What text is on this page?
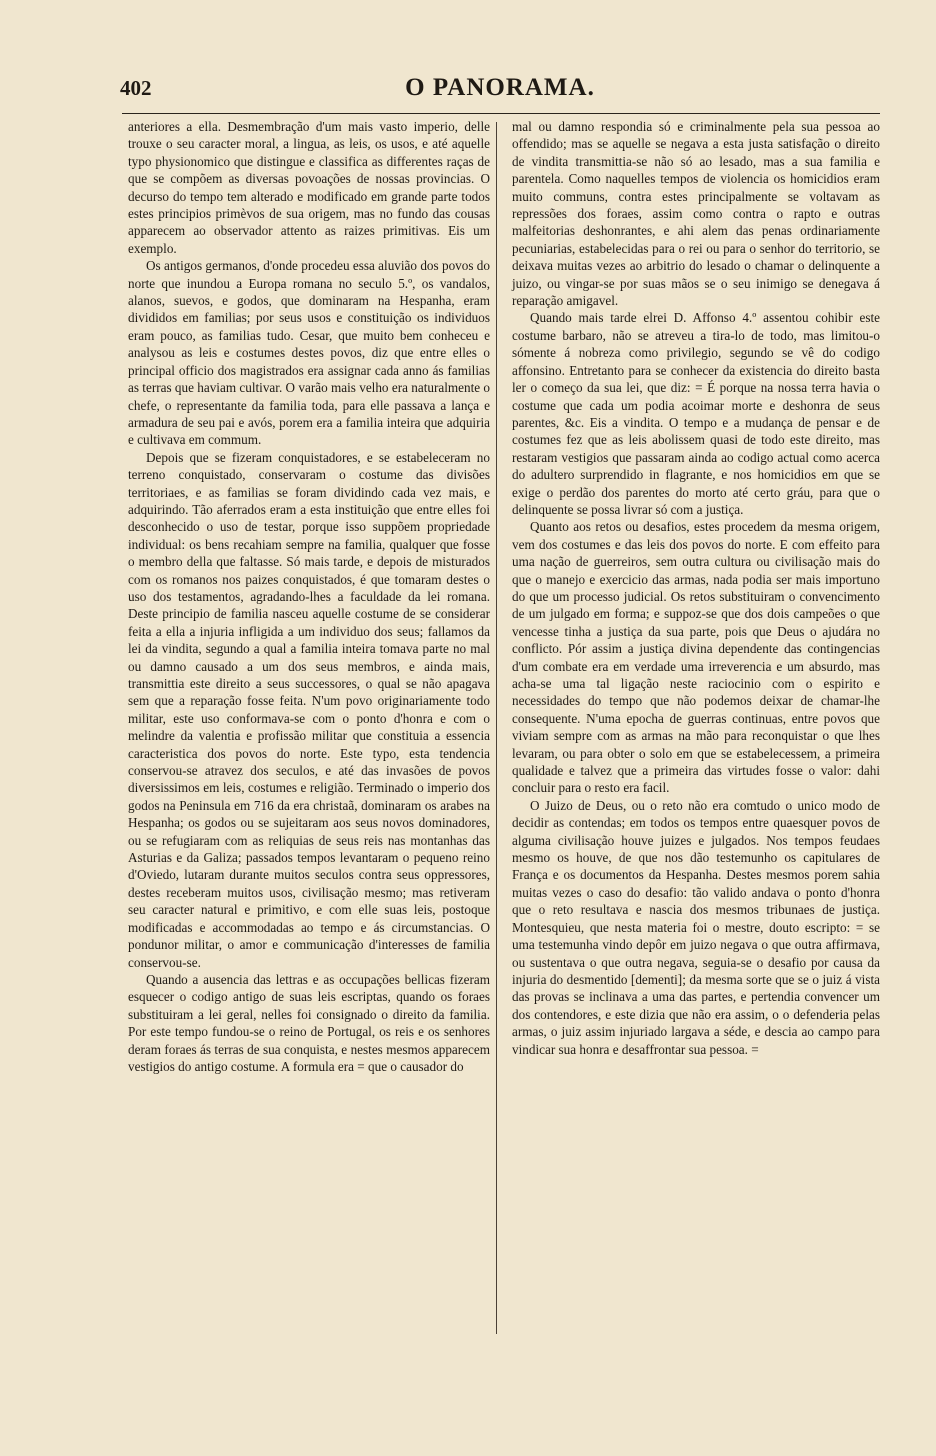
402	O PANORAMA.

anteriores a ella. Desmembração d'um mais vasto imperio, delle trouxe o seu caracter moral, a lingua, as leis, os usos, e até aquelle typo physionomico que distingue e classifica as differentes raças de que se compõem as diversas povoações de nossas provincias. O decurso do tempo tem alterado e modificado em grande parte todos estes principios primèvos de sua origem, mas no fundo das cousas apparecem ao observador attento as raizes primitivas. Eis um exemplo.

Os antigos germanos, d'onde procedeu essa aluvião dos povos do norte que inundou a Europa romana no seculo 5.º, os vandalos, alanos, suevos, e godos, que dominaram na Hespanha, eram divididos em familias; por seus usos e constituição os individuos eram pouco, as familias tudo. Cesar, que muito bem conheceu e analysou as leis e costumes destes povos, diz que entre elles o principal officio dos magistrados era assignar cada anno ás familias as terras que haviam cultivar. O varão mais velho era naturalmente o chefe, o representante da familia toda, para elle passava a lança e armadura de seu pai e avós, porem era a familia inteira que adquiria e cultivava em commum.

Depois que se fizeram conquistadores, e se estabeleceram no terreno conquistado, conservaram o costume das divisões territoriaes, e as familias se foram dividindo cada vez mais, e adquirindo. Tão aferrados eram a esta instituição que entre elles foi desconhecido o uso de testar, porque isso suppõem propriedade individual: os bens recahiam sempre na familia, qualquer que fosse o membro della que faltasse. Só mais tarde, e depois de misturados com os romanos nos paizes conquistados, é que tomaram destes o uso dos testamentos, agradando-lhes a faculdade da lei romana. Deste principio de familia nasceu aquelle costume de se considerar feita a ella a injuria infligida a um individuo dos seus; fallamos da lei da vindita, segundo a qual a familia inteira tomava parte no mal ou damno causado a um dos seus membros, e ainda mais, transmittia este direito a seus successores, o qual se não apagava sem que a reparação fosse feita. N'um povo originariamente todo militar, este uso conformava-se com o ponto d'honra e com o melindre da valentia e profissão militar que constituia a essencia caracteristica dos povos do norte. Este typo, esta tendencia conservou-se atravez dos seculos, e até das invasões de povos diversissimos em leis, costumes e religião. Terminado o imperio dos godos na Peninsula em 716 da era christaã, dominaram os arabes na Hespanha; os godos ou se sujeitaram aos seus novos dominadores, ou se refugiaram com as reliquias de seus reis nas montanhas das Asturias e da Galiza; passados tempos levantaram o pequeno reino d'Oviedo, lutaram durante muitos seculos contra seus oppressores, destes receberam muitos usos, civilisação mesmo; mas retiveram seu caracter natural e primitivo, e com elle suas leis, postoque modificadas e accommodadas ao tempo e ás circumstancias. O pondunor militar, o amor e communicação d'interesses de familia conservou-se.

Quando a ausencia das lettras e as occupações bellicas fizeram esquecer o codigo antigo de suas leis escriptas, quando os foraes substituiram a lei geral, nelles foi consignado o direito da familia. Por este tempo fundou-se o reino de Portugal, os reis e os senhores deram foraes ás terras de sua conquista, e nestes mesmos apparecem vestigios do antigo costume. A formula era = que o causador do

mal ou damno respondia só e criminalmente pela sua pessoa ao offendido; mas se aquelle se negava a esta justa satisfação o direito de vindita transmittia-se não só ao lesado, mas a sua familia e parentela. Como naquelles tempos de violencia os homicidios eram muito communs, contra estes principalmente se voltavam as repressões dos foraes, assim como contra o rapto e outras malfeitorias deshonrantes, e ahi alem das penas ordinariamente pecuniarias, estabelecidas para o rei ou para o senhor do territorio, se deixava muitas vezes ao arbitrio do lesado o chamar o delinquente a juizo, ou vingar-se por suas mãos se o seu inimigo se denegava á reparação amigavel.

Quando mais tarde elrei D. Affonso 4.º assentou cohibir este costume barbaro, não se atreveu a tira-lo de todo, mas limitou-o sómente á nobreza como privilegio, segundo se vê do codigo affonsino. Entretanto para se conhecer da existencia do direito basta ler o começo da sua lei, que diz: = É porque na nossa terra havia o costume que cada um podia acoimar morte e deshonra de seus parentes, &c. Eis a vindita. O tempo e a mudança de pensar e de costumes fez que as leis abolissem quasi de todo este direito, mas restaram vestigios que passaram ainda ao codigo actual como acerca do adultero surprendido in flagrante, e nos homicidios em que se exige o perdão dos parentes do morto até certo gráu, para que o delinquente se possa livrar só com a justiça.

Quanto aos retos ou desafios, estes procedem da mesma origem, vem dos costumes e das leis dos povos do norte. E com effeito para uma nação de guerreiros, sem outra cultura ou civilisação mais do que o manejo e exercicio das armas, nada podia ser mais importuno do que um processo judicial. Os retos substituiram o convencimento de um julgado em forma; e suppoz-se que dos dois campeões o que vencesse tinha a justiça da sua parte, pois que Deus o ajudára no conflicto. Pór assim a justiça divina dependente das contingencias d'um combate era em verdade uma irreverencia e um absurdo, mas acha-se uma tal ligação neste raciocinio com o espirito e necessidades do tempo que não podemos deixar de chamar-lhe consequente. N'uma epocha de guerras continuas, entre povos que viviam sempre com as armas na mão para reconquistar o que lhes levaram, ou para obter o solo em que se estabelecessem, a primeira qualidade e talvez que a primeira das virtudes fosse o valor: dahi concluir para o resto era facil.

O Juizo de Deus, ou o reto não era comtudo o unico modo de decidir as contendas; em todos os tempos entre quaesquer povos de alguma civilisação houve juizes e julgados. Nos tempos feudaes mesmo os houve, de que nos dão testemunho os capitulares de França e os documentos da Hespanha. Destes mesmos porem sahia muitas vezes o caso do desafio: tão valido andava o ponto d'honra que o reto resultava e nascia dos mesmos tribunaes de justiça. Montesquieu, que nesta materia foi o mestre, douto escripto: = se uma testemunha vindo depôr em juizo negava o que outra affirmava, ou sustentava o que outra negava, seguia-se o desafio por causa da injuria do desmentido [dementi]; da mesma sorte que se o juiz á vista das provas se inclinava a uma das partes, e pertendia convencer um dos contendores, e este dizia que não era assim, o o defenderia pelas armas, o juiz assim injuriado largava a séde, e descia ao campo para vindicar sua honra e desaffrontar sua pessoa. =
